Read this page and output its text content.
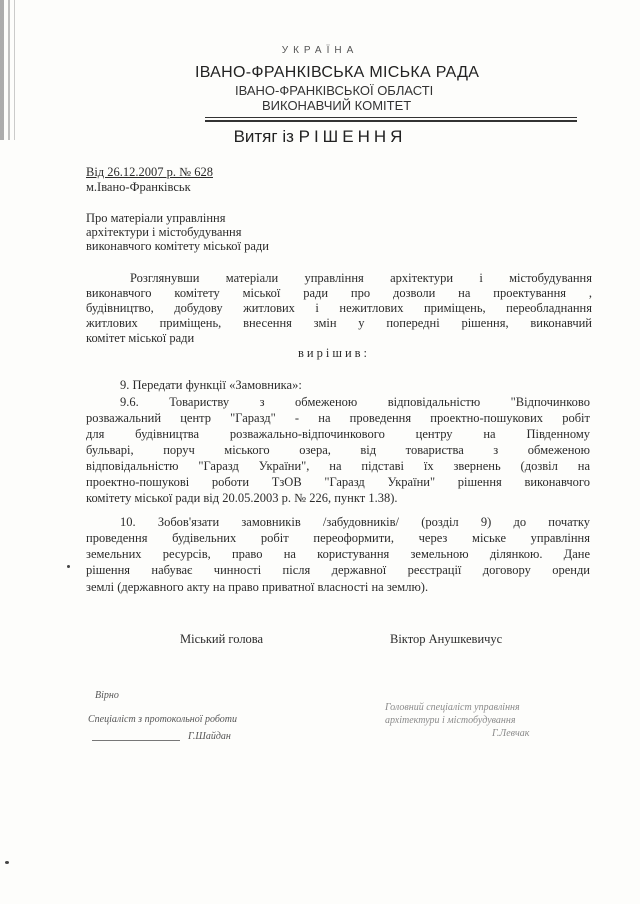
УКРАЇНА
ІВАНО-ФРАНКІВСЬКА МІСЬКА РАДА
ІВАНО-ФРАНКІВСЬКОЇ ОБЛАСТІ
ВИКОНАВЧИЙ КОМІТЕТ
Витяг із РІШЕННЯ
Від 26.12.2007 р. № 628
м.Івано-Франківськ
Про матеріали управління
архітектури і містобудування
виконавчого комітету міської ради
Розглянувши матеріали управління архітектури і містобудування
виконавчого комітету міської ради про дозволи на проектування ,
будівництво, добудову житлових і нежитлових приміщень, переобладнання
житлових приміщень, внесення змін у попередні рішення, виконавчий
комітет міської ради
вирішив:
9. Передати функції «Замовника»:
9.6. Товариству з обмеженою відповідальністю "Відпочинково
розважальний центр "Гаразд" - на проведення проектно-пошукових робіт
для будівництва розважально-відпочинкового центру на Південному
бульварі, поруч міського озера, від товариства з обмеженою
відповідальністю "Гаразд України", на підставі їх звернень (дозвіл на
проектно-пошукові роботи ТзОВ "Гаразд України" рішення виконавчого
комітету міської ради від 20.05.2003 р. № 226, пункт 1.38).
10. Зобов'язати замовників /забудовників/ (розділ 9) до початку
проведення будівельних робіт переоформити, через міське управління
земельних ресурсів, право на користування земельною ділянкою. Дане
рішення набуває чинності після державної реєстрації договору оренди
землі (державного акту на право приватної власності на землю).
Міський голова	Віктор Анушкевичус
Вірно
Спеціаліст з протокольної роботи
Г.Шайдан
Головний спеціаліст управління
архітектури і містобудування
Г.Левчак
